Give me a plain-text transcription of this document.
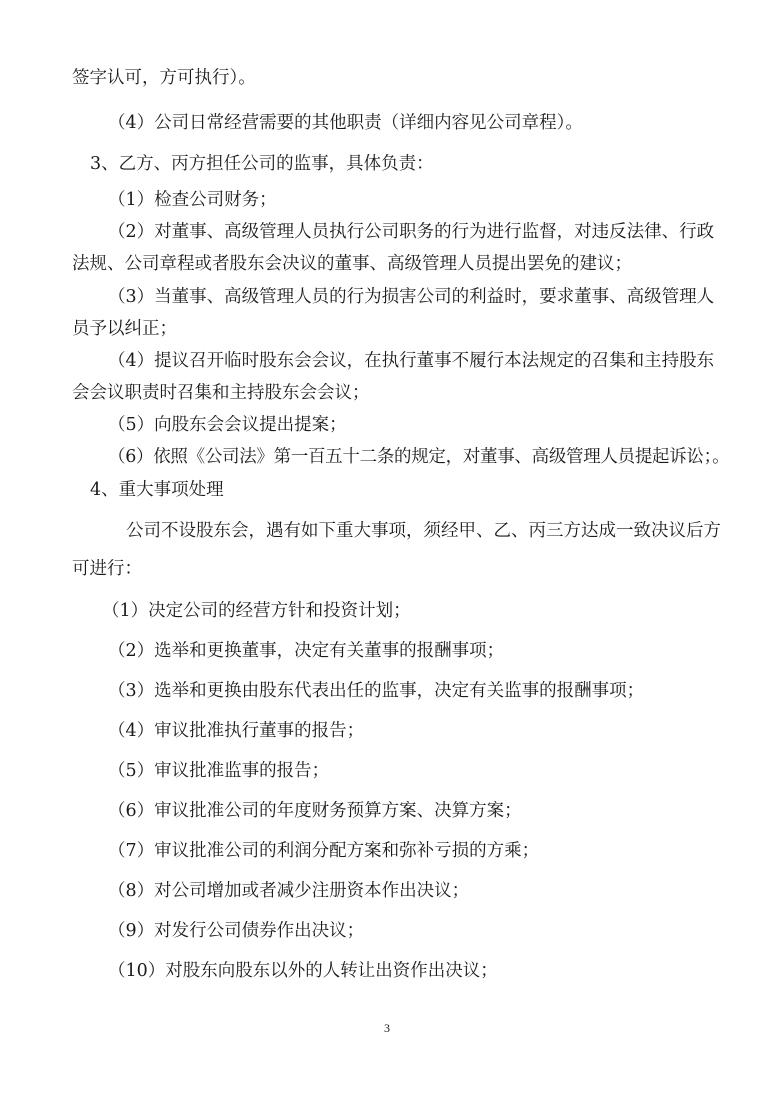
签字认可，方可执行）。
（4）公司日常经营需要的其他职责（详细内容见公司章程）。
3、乙方、丙方担任公司的监事，具体负责：
（1）检查公司财务；
（2）对董事、高级管理人员执行公司职务的行为进行监督，对违反法律、行政
法规、公司章程或者股东会决议的董事、高级管理人员提出罢免的建议；
（3）当董事、高级管理人员的行为损害公司的利益时，要求董事、高级管理人
员予以纠正；
（4）提议召开临时股东会会议，在执行董事不履行本法规定的召集和主持股东
会会议职责时召集和主持股东会会议；
（5）向股东会会议提出提案；
（6）依照《公司法》第一百五十二条的规定，对董事、高级管理人员提起诉讼；。
4、重大事项处理
公司不设股东会，遇有如下重大事项，须经甲、乙、丙三方达成一致决议后方
可进行：
（1）决定公司的经营方针和投资计划；
（2）选举和更换董事，决定有关董事的报酬事项；
（3）选举和更换由股东代表出任的监事，决定有关监事的报酬事项；
（4）审议批准执行董事的报告；
（5）审议批准监事的报告；
（6）审议批准公司的年度财务预算方案、决算方案；
（7）审议批准公司的利润分配方案和弥补亏损的方乘；
（8）对公司增加或者减少注册资本作出决议；
（9）对发行公司债券作出决议；
（10）对股东向股东以外的人转让出资作出决议；
3
